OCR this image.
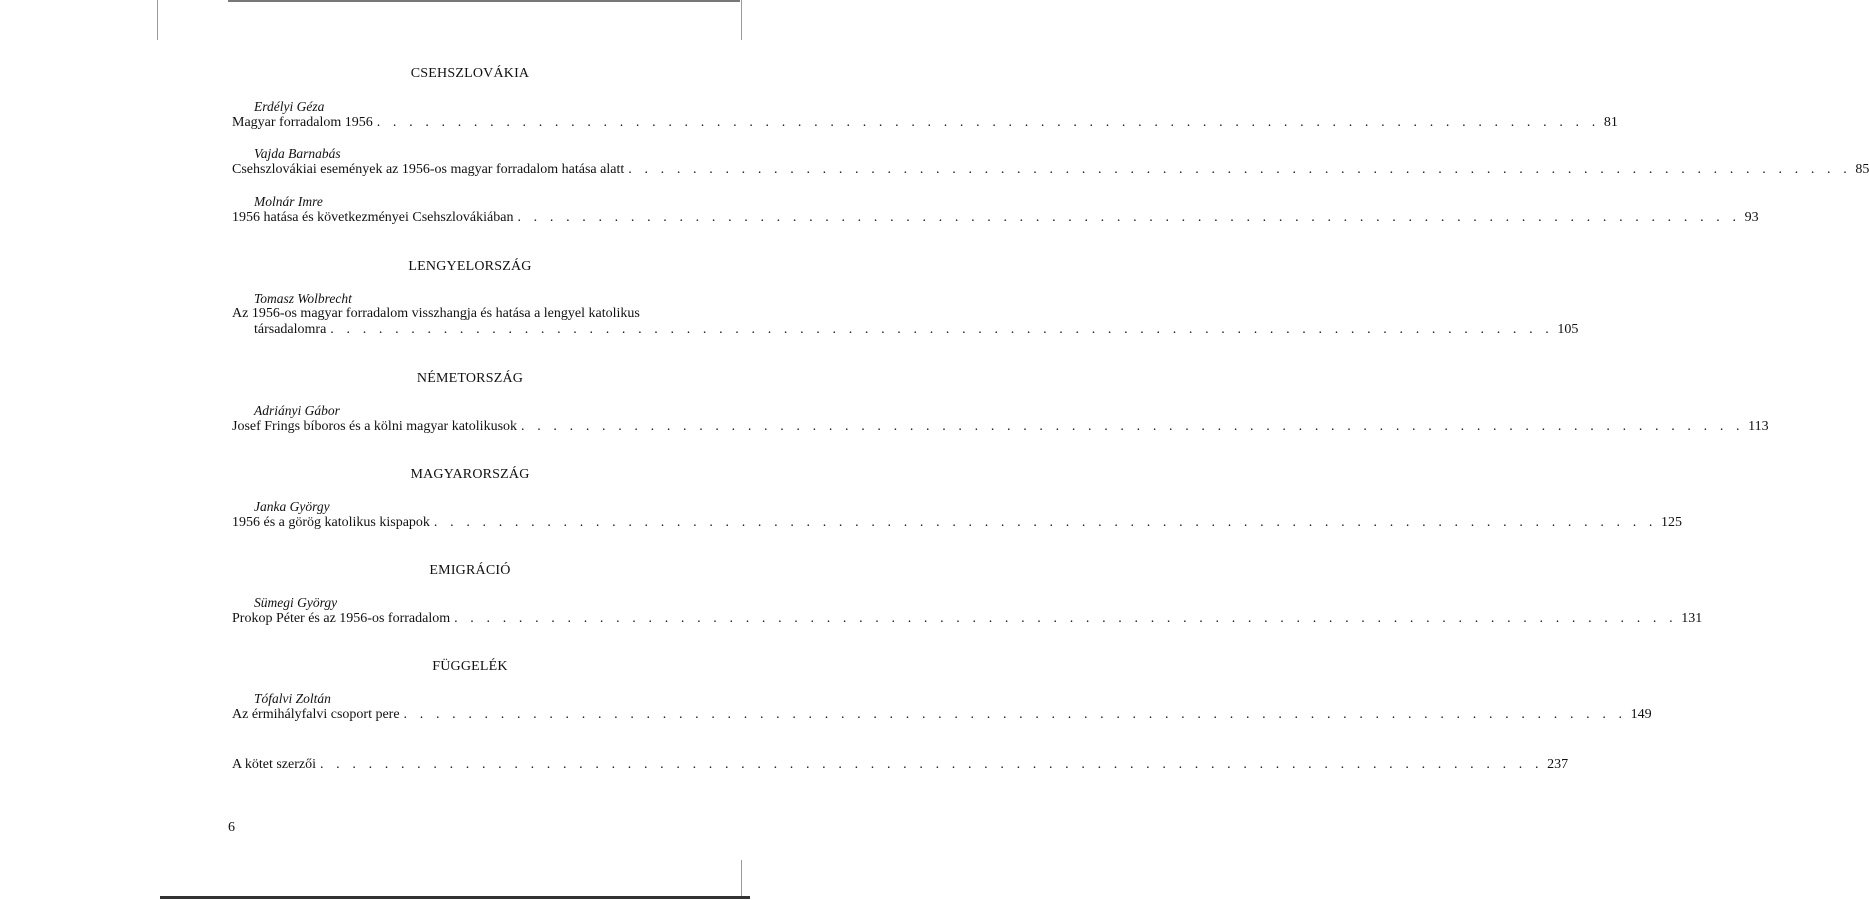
CSEHSZLOVÁKIA
Erdélyi Géza
Magyar forradalom 1956 . . . . . . . . . . . . . . . . . . . . . . . . . . . . . . . . . . . . . . . . . . . . . . . . . . . . . . . . . . . . . . . . . . . . . . . . . . . . 81
Vajda Barnabás
Csehszlovákiai események az 1956-os magyar forradalom hatása alatt . . . . . . . . . . . . . . . . . . . . . . . . . . . . . . . . . . . . . . . . . . . . . . . . . . . . . . . . . . . . . . . . . . . . . . . . . . . . 85
Molnár Imre
1956 hatása és következményei Csehszlovákiában . . . . . . . . . . . . . . . . . . . . . . . . . . . . . . . . . . . . . . . . . . . . . . . . . . . . . . . . . . . . . . . . . . . . . . . . . . . . 93
LENGYELORSZÁG
Tomasz Wolbrecht
Az 1956-os magyar forradalom visszhangja és hatása a lengyel katolikus
társadalomra . . . . . . . . . . . . . . . . . . . . . . . . . . . . . . . . . . . . . . . . . . . . . . . . . . . . . . . . . . . . . . . . . . . . . . . . . . . . 105
NÉMETORSZÁG
Adriányi Gábor
Josef Frings bíboros és a kölni magyar katolikusok . . . . . . . . . . . . . . . . . . . . . . . . . . . . . . . . . . . . . . . . . . . . . . . . . . . . . . . . . . . . . . . . . . . . . . . . . . . . 113
MAGYARORSZÁG
Janka György
1956 és a görög katolikus kispapok . . . . . . . . . . . . . . . . . . . . . . . . . . . . . . . . . . . . . . . . . . . . . . . . . . . . . . . . . . . . . . . . . . . . . . . . . . . . 125
EMIGRÁCIÓ
Sümegi György
Prokop Péter és az 1956-os forradalom . . . . . . . . . . . . . . . . . . . . . . . . . . . . . . . . . . . . . . . . . . . . . . . . . . . . . . . . . . . . . . . . . . . . . . . . . . . . 131
FÜGGELÉK
Tófalvi Zoltán
Az érmihályfalvi csoport pere . . . . . . . . . . . . . . . . . . . . . . . . . . . . . . . . . . . . . . . . . . . . . . . . . . . . . . . . . . . . . . . . . . . . . . . . . . . . 149
A kötet szerzői . . . . . . . . . . . . . . . . . . . . . . . . . . . . . . . . . . . . . . . . . . . . . . . . . . . . . . . . . . . . . . . . . . . . . . . . . . . . 237
6
